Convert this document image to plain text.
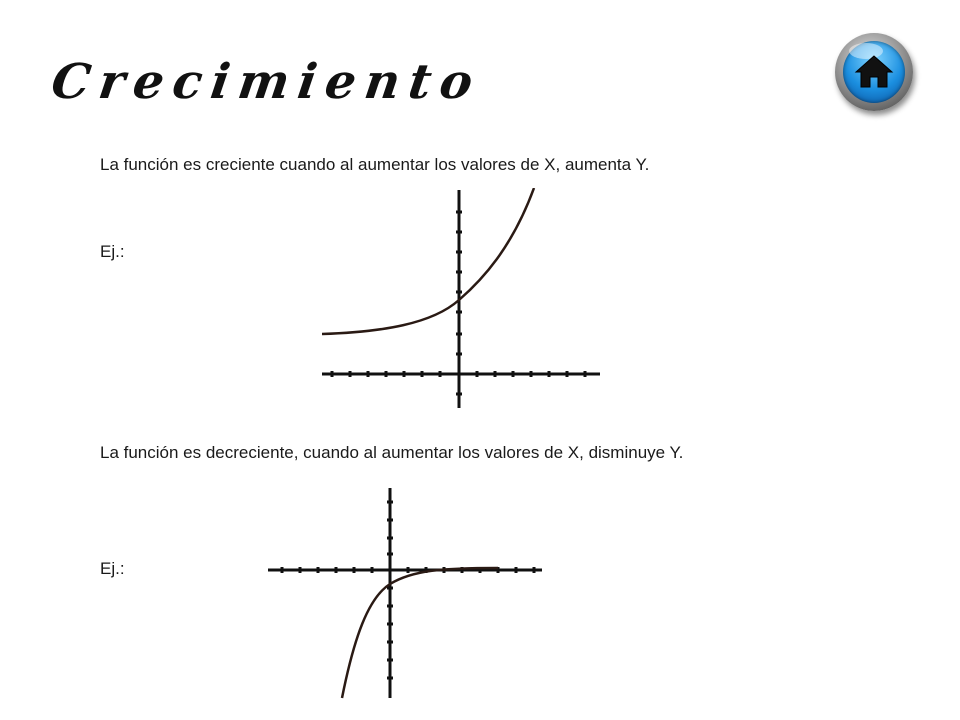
Crecimiento
La función es creciente cuando al aumentar los valores de X, aumenta Y.
Ej.:
La función es decreciente, cuando al aumentar los valores de X, disminuye Y.
Ej.:
